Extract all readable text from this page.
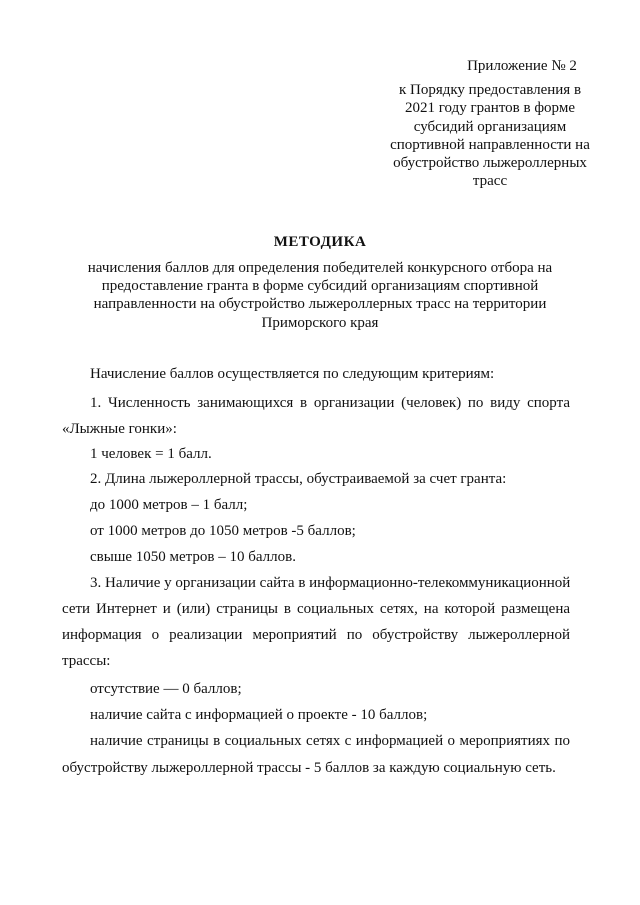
Приложение № 2
к Порядку предоставления в
2021 году грантов в форме
субсидий организациям
спортивной направленности на
обустройство лыжероллерных
трасс
МЕТОДИКА
начисления баллов для определения победителей конкурсного отбора на
предоставление гранта в форме субсидий организациям спортивной
направленности на обустройство лыжероллерных трасс на территории
Приморского края
Начисление баллов осуществляется по следующим критериям:
1. Численность занимающихся в организации (человек) по виду спорта
«Лыжные гонки»:
1 человек = 1 балл.
2. Длина лыжероллерной трассы, обустраиваемой за счет гранта:
до 1000 метров – 1 балл;
от 1000 метров до 1050 метров -5 баллов;
свыше 1050 метров – 10 баллов.
3. Наличие у организации сайта в информационно-телекоммуникационной
сети Интернет и (или) страницы в социальных сетях, на которой размещена
информация о реализации мероприятий по обустройству лыжероллерной
трассы:
отсутствие — 0 баллов;
наличие сайта с информацией о проекте - 10 баллов;
наличие страницы в социальных сетях с информацией о мероприятиях по
обустройству лыжероллерной трассы - 5 баллов за каждую социальную сеть.
